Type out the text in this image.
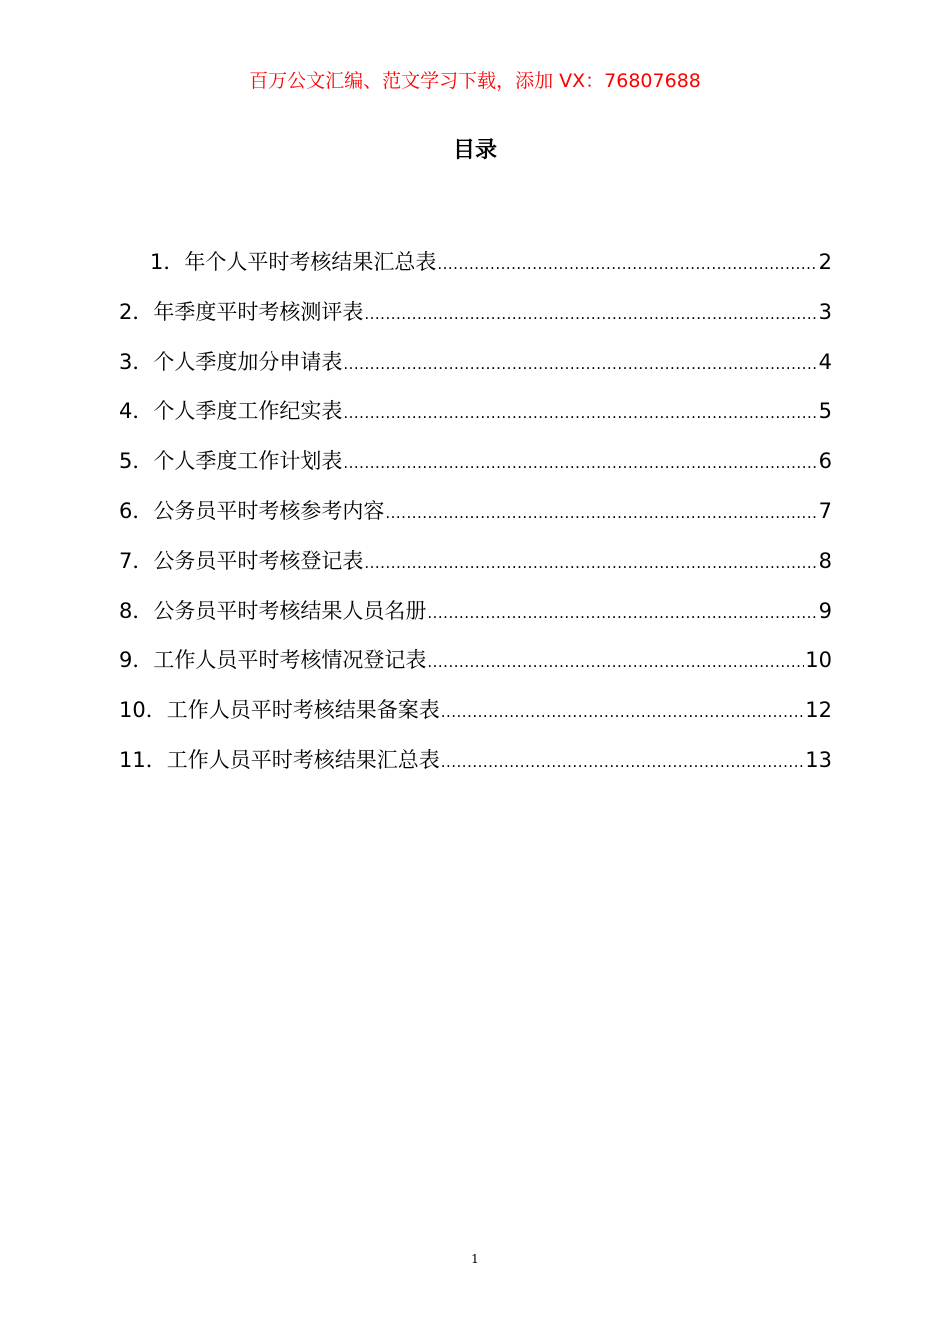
百万公文汇编、范文学习下载，添加 VX：76807688
目录
1． 年个人平时考核结果汇总表 .....	2
2． 年季度平时考核测评表 .....	3
3． 个人季度加分申请表 .....	4
4． 个人季度工作纪实表 .....	5
5． 个人季度工作计划表 .....	6
6． 公务员平时考核参考内容 .....	7
7． 公务员平时考核登记表 .....	8
8． 公务员平时考核结果人员名册 .....	9
9． 工作人员平时考核情况登记表 .....	10
10． 工作人员平时考核结果备案表 .....	12
11． 工作人员平时考核结果汇总表 .....	13
1
